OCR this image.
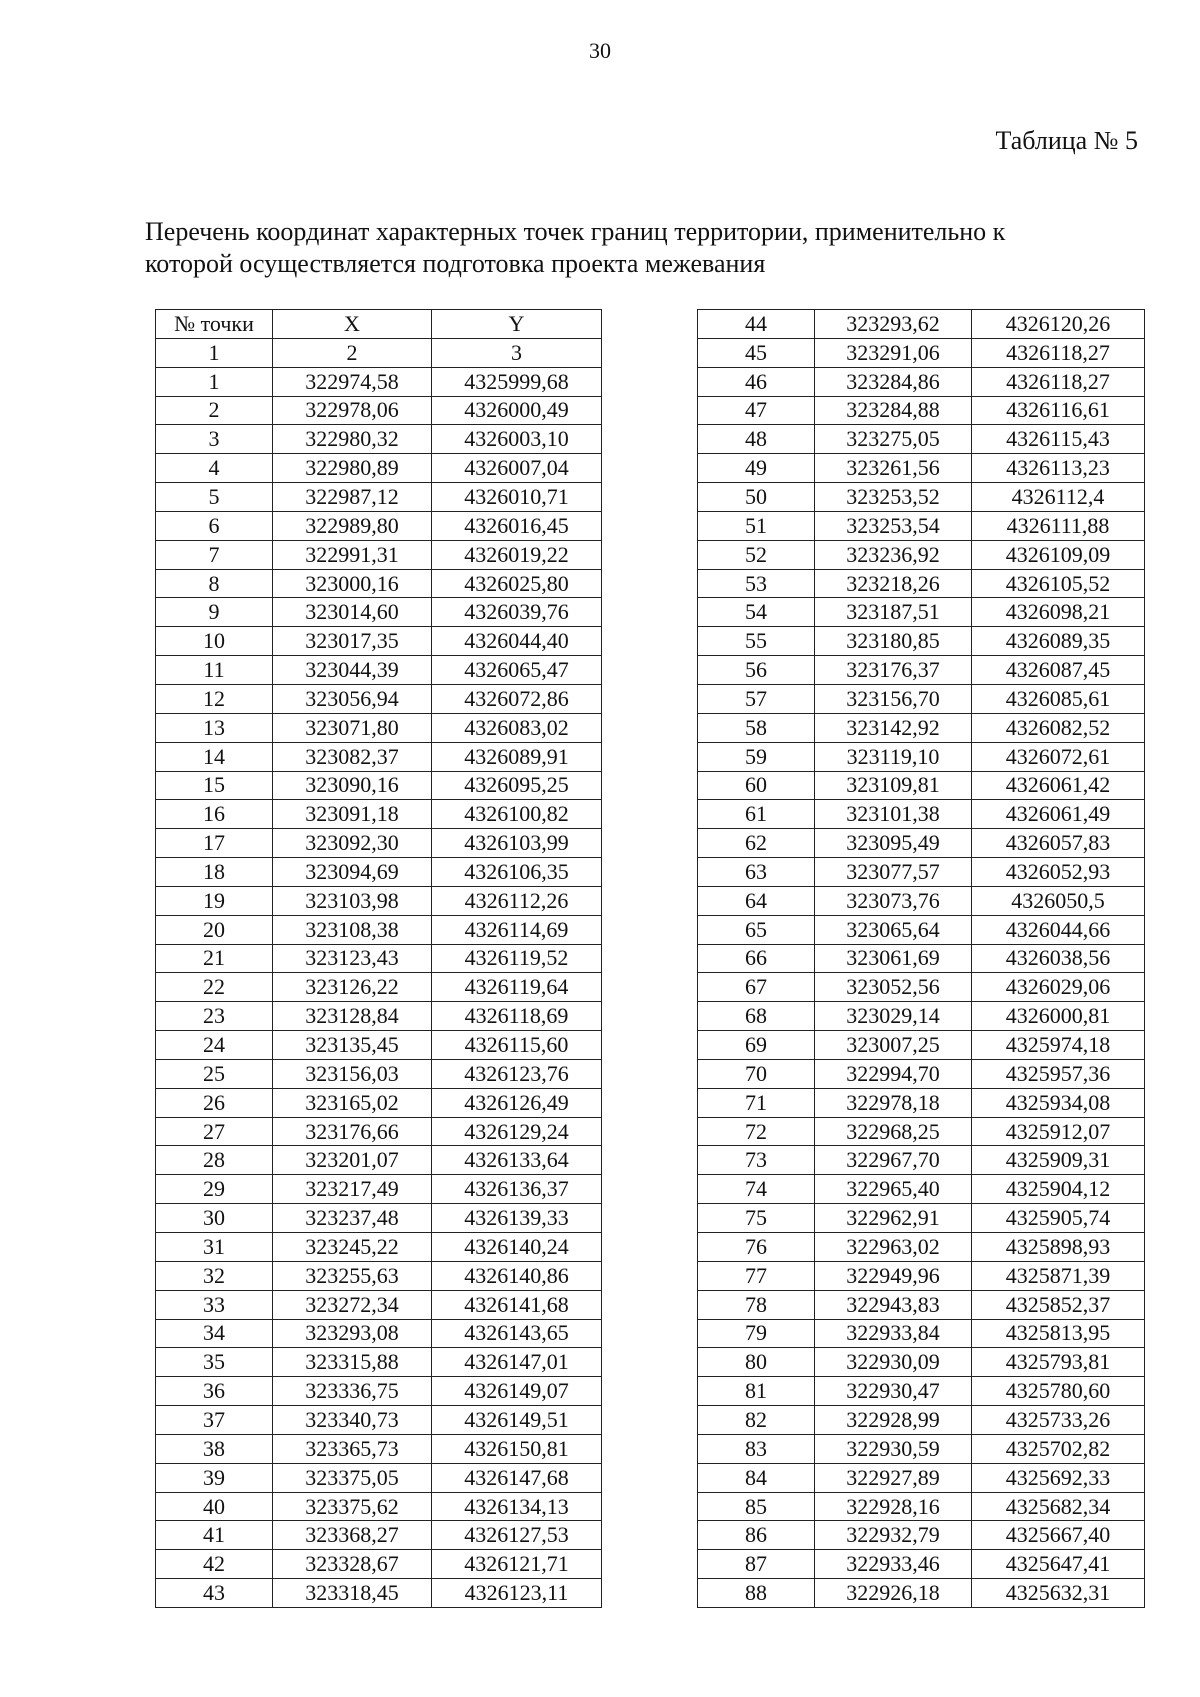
30
Таблица № 5
Перечень координат характерных точек границ территории, применительно к
которой осуществляется подготовка проекта межевания
№ точки	X	Y
1	2	3
1	322974,58	4325999,68
2	322978,06	4326000,49
3	322980,32	4326003,10
4	322980,89	4326007,04
5	322987,12	4326010,71
6	322989,80	4326016,45
7	322991,31	4326019,22
8	323000,16	4326025,80
9	323014,60	4326039,76
10	323017,35	4326044,40
11	323044,39	4326065,47
12	323056,94	4326072,86
13	323071,80	4326083,02
14	323082,37	4326089,91
15	323090,16	4326095,25
16	323091,18	4326100,82
17	323092,30	4326103,99
18	323094,69	4326106,35
19	323103,98	4326112,26
20	323108,38	4326114,69
21	323123,43	4326119,52
22	323126,22	4326119,64
23	323128,84	4326118,69
24	323135,45	4326115,60
25	323156,03	4326123,76
26	323165,02	4326126,49
27	323176,66	4326129,24
28	323201,07	4326133,64
29	323217,49	4326136,37
30	323237,48	4326139,33
31	323245,22	4326140,24
32	323255,63	4326140,86
33	323272,34	4326141,68
34	323293,08	4326143,65
35	323315,88	4326147,01
36	323336,75	4326149,07
37	323340,73	4326149,51
38	323365,73	4326150,81
39	323375,05	4326147,68
40	323375,62	4326134,13
41	323368,27	4326127,53
42	323328,67	4326121,71
43	323318,45	4326123,11
44	323293,62	4326120,26
45	323291,06	4326118,27
46	323284,86	4326118,27
47	323284,88	4326116,61
48	323275,05	4326115,43
49	323261,56	4326113,23
50	323253,52	4326112,4
51	323253,54	4326111,88
52	323236,92	4326109,09
53	323218,26	4326105,52
54	323187,51	4326098,21
55	323180,85	4326089,35
56	323176,37	4326087,45
57	323156,70	4326085,61
58	323142,92	4326082,52
59	323119,10	4326072,61
60	323109,81	4326061,42
61	323101,38	4326061,49
62	323095,49	4326057,83
63	323077,57	4326052,93
64	323073,76	4326050,5
65	323065,64	4326044,66
66	323061,69	4326038,56
67	323052,56	4326029,06
68	323029,14	4326000,81
69	323007,25	4325974,18
70	322994,70	4325957,36
71	322978,18	4325934,08
72	322968,25	4325912,07
73	322967,70	4325909,31
74	322965,40	4325904,12
75	322962,91	4325905,74
76	322963,02	4325898,93
77	322949,96	4325871,39
78	322943,83	4325852,37
79	322933,84	4325813,95
80	322930,09	4325793,81
81	322930,47	4325780,60
82	322928,99	4325733,26
83	322930,59	4325702,82
84	322927,89	4325692,33
85	322928,16	4325682,34
86	322932,79	4325667,40
87	322933,46	4325647,41
88	322926,18	4325632,31
